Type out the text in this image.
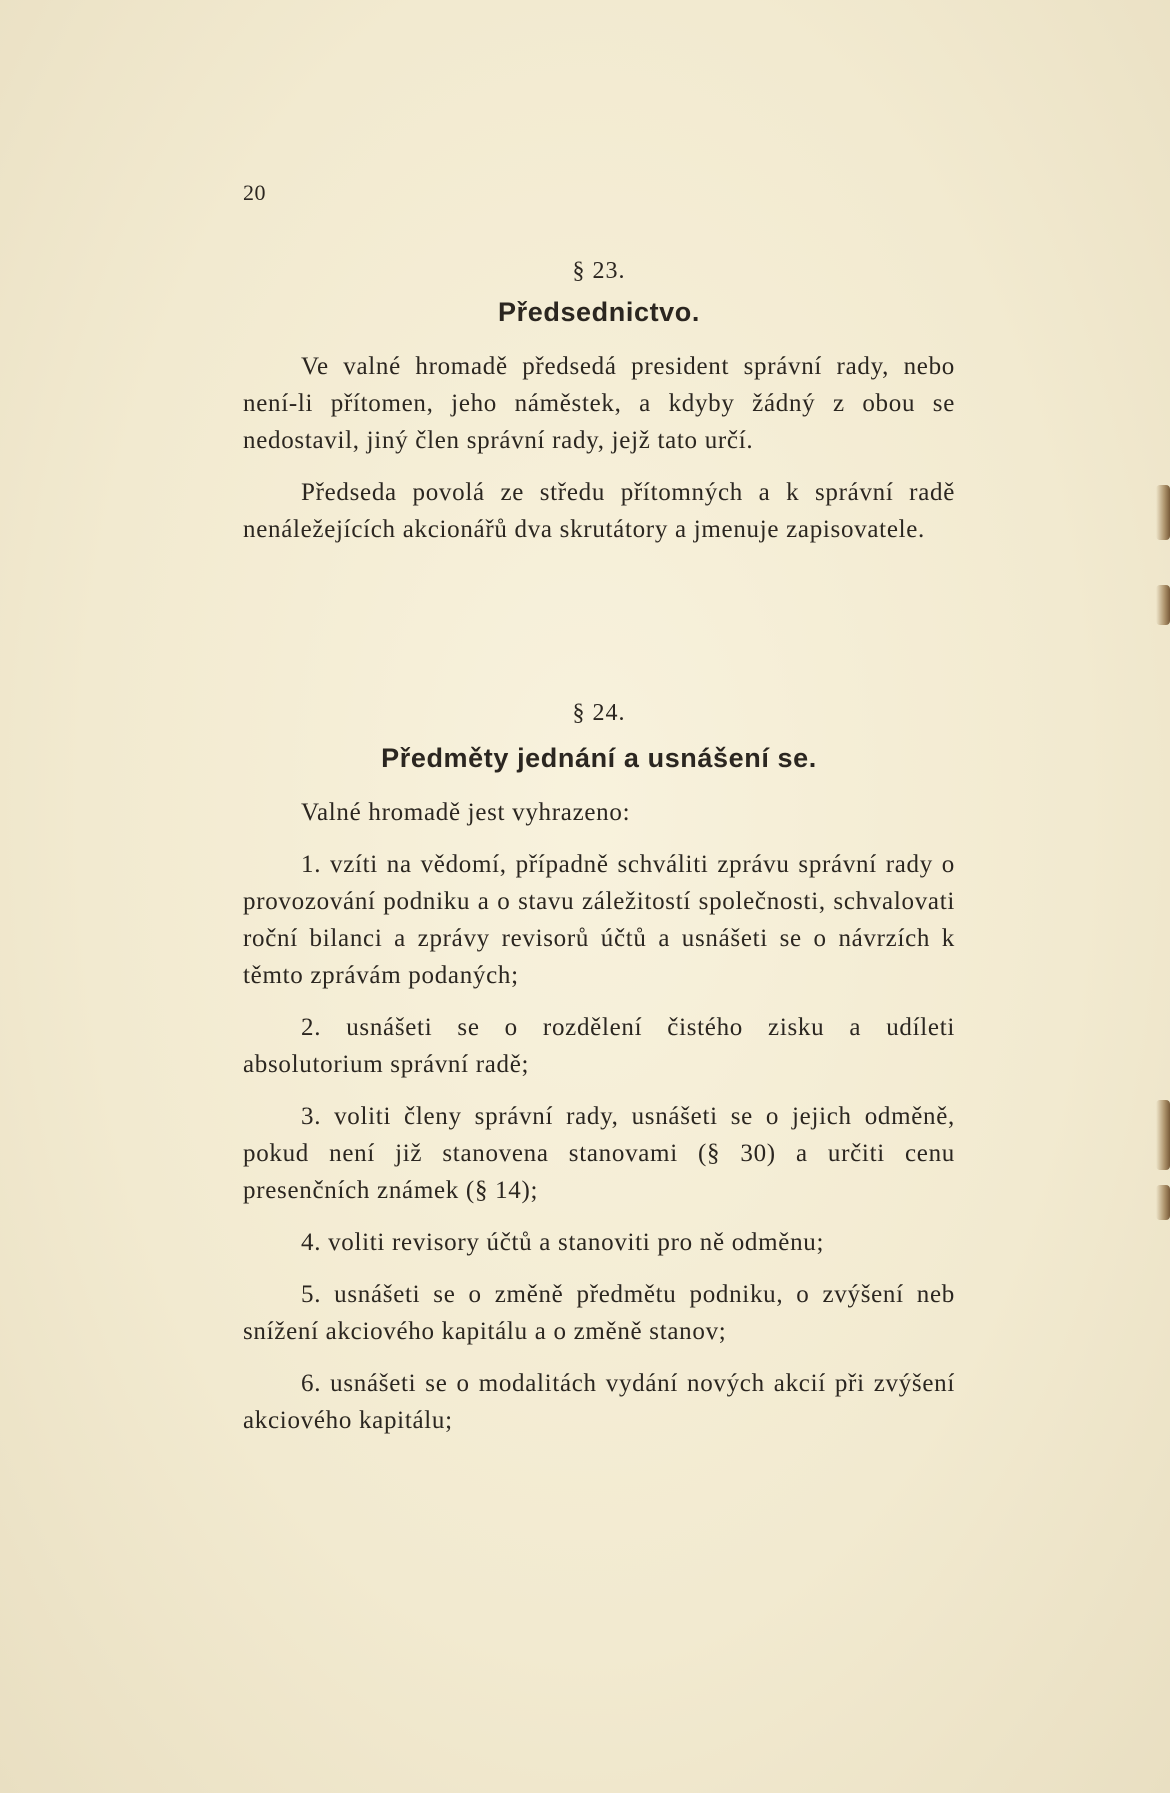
20
§ 23.
Předsednictvo.

Ve valné hromadě předsedá president správní rady, nebo není-li přítomen, jeho náměstek, a kdyby žádný z obou se nedostavil, jiný člen správní rady, jejž tato určí.

Předseda povolá ze středu přítomných a k správní radě nenáležejících akcionářů dva skrutátory a jmenuje zapisovatele.

§ 24.
Předměty jednání a usnášení se.

Valné hromadě jest vyhrazeno:

1. vzíti na vědomí, případně schváliti zprávu správní rady o provozování podniku a o stavu záležitostí společnosti, schvalovati roční bilanci a zprávy revisorů účtů a usnášeti se o návrzích k těmto zprávám podaných;

2. usnášeti se o rozdělení čistého zisku a udíleti absolutorium správní radě;

3. voliti členy správní rady, usnášeti se o jejich odměně, pokud není již stanovena stanovami (§ 30) a určiti cenu presenčních známek (§ 14);

4. voliti revisory účtů a stanoviti pro ně odměnu;

5. usnášeti se o změně předmětu podniku, o zvýšení neb snížení akciového kapitálu a o změně stanov;

6. usnášeti se o modalitách vydání nových akcií při zvýšení akciového kapitálu;
